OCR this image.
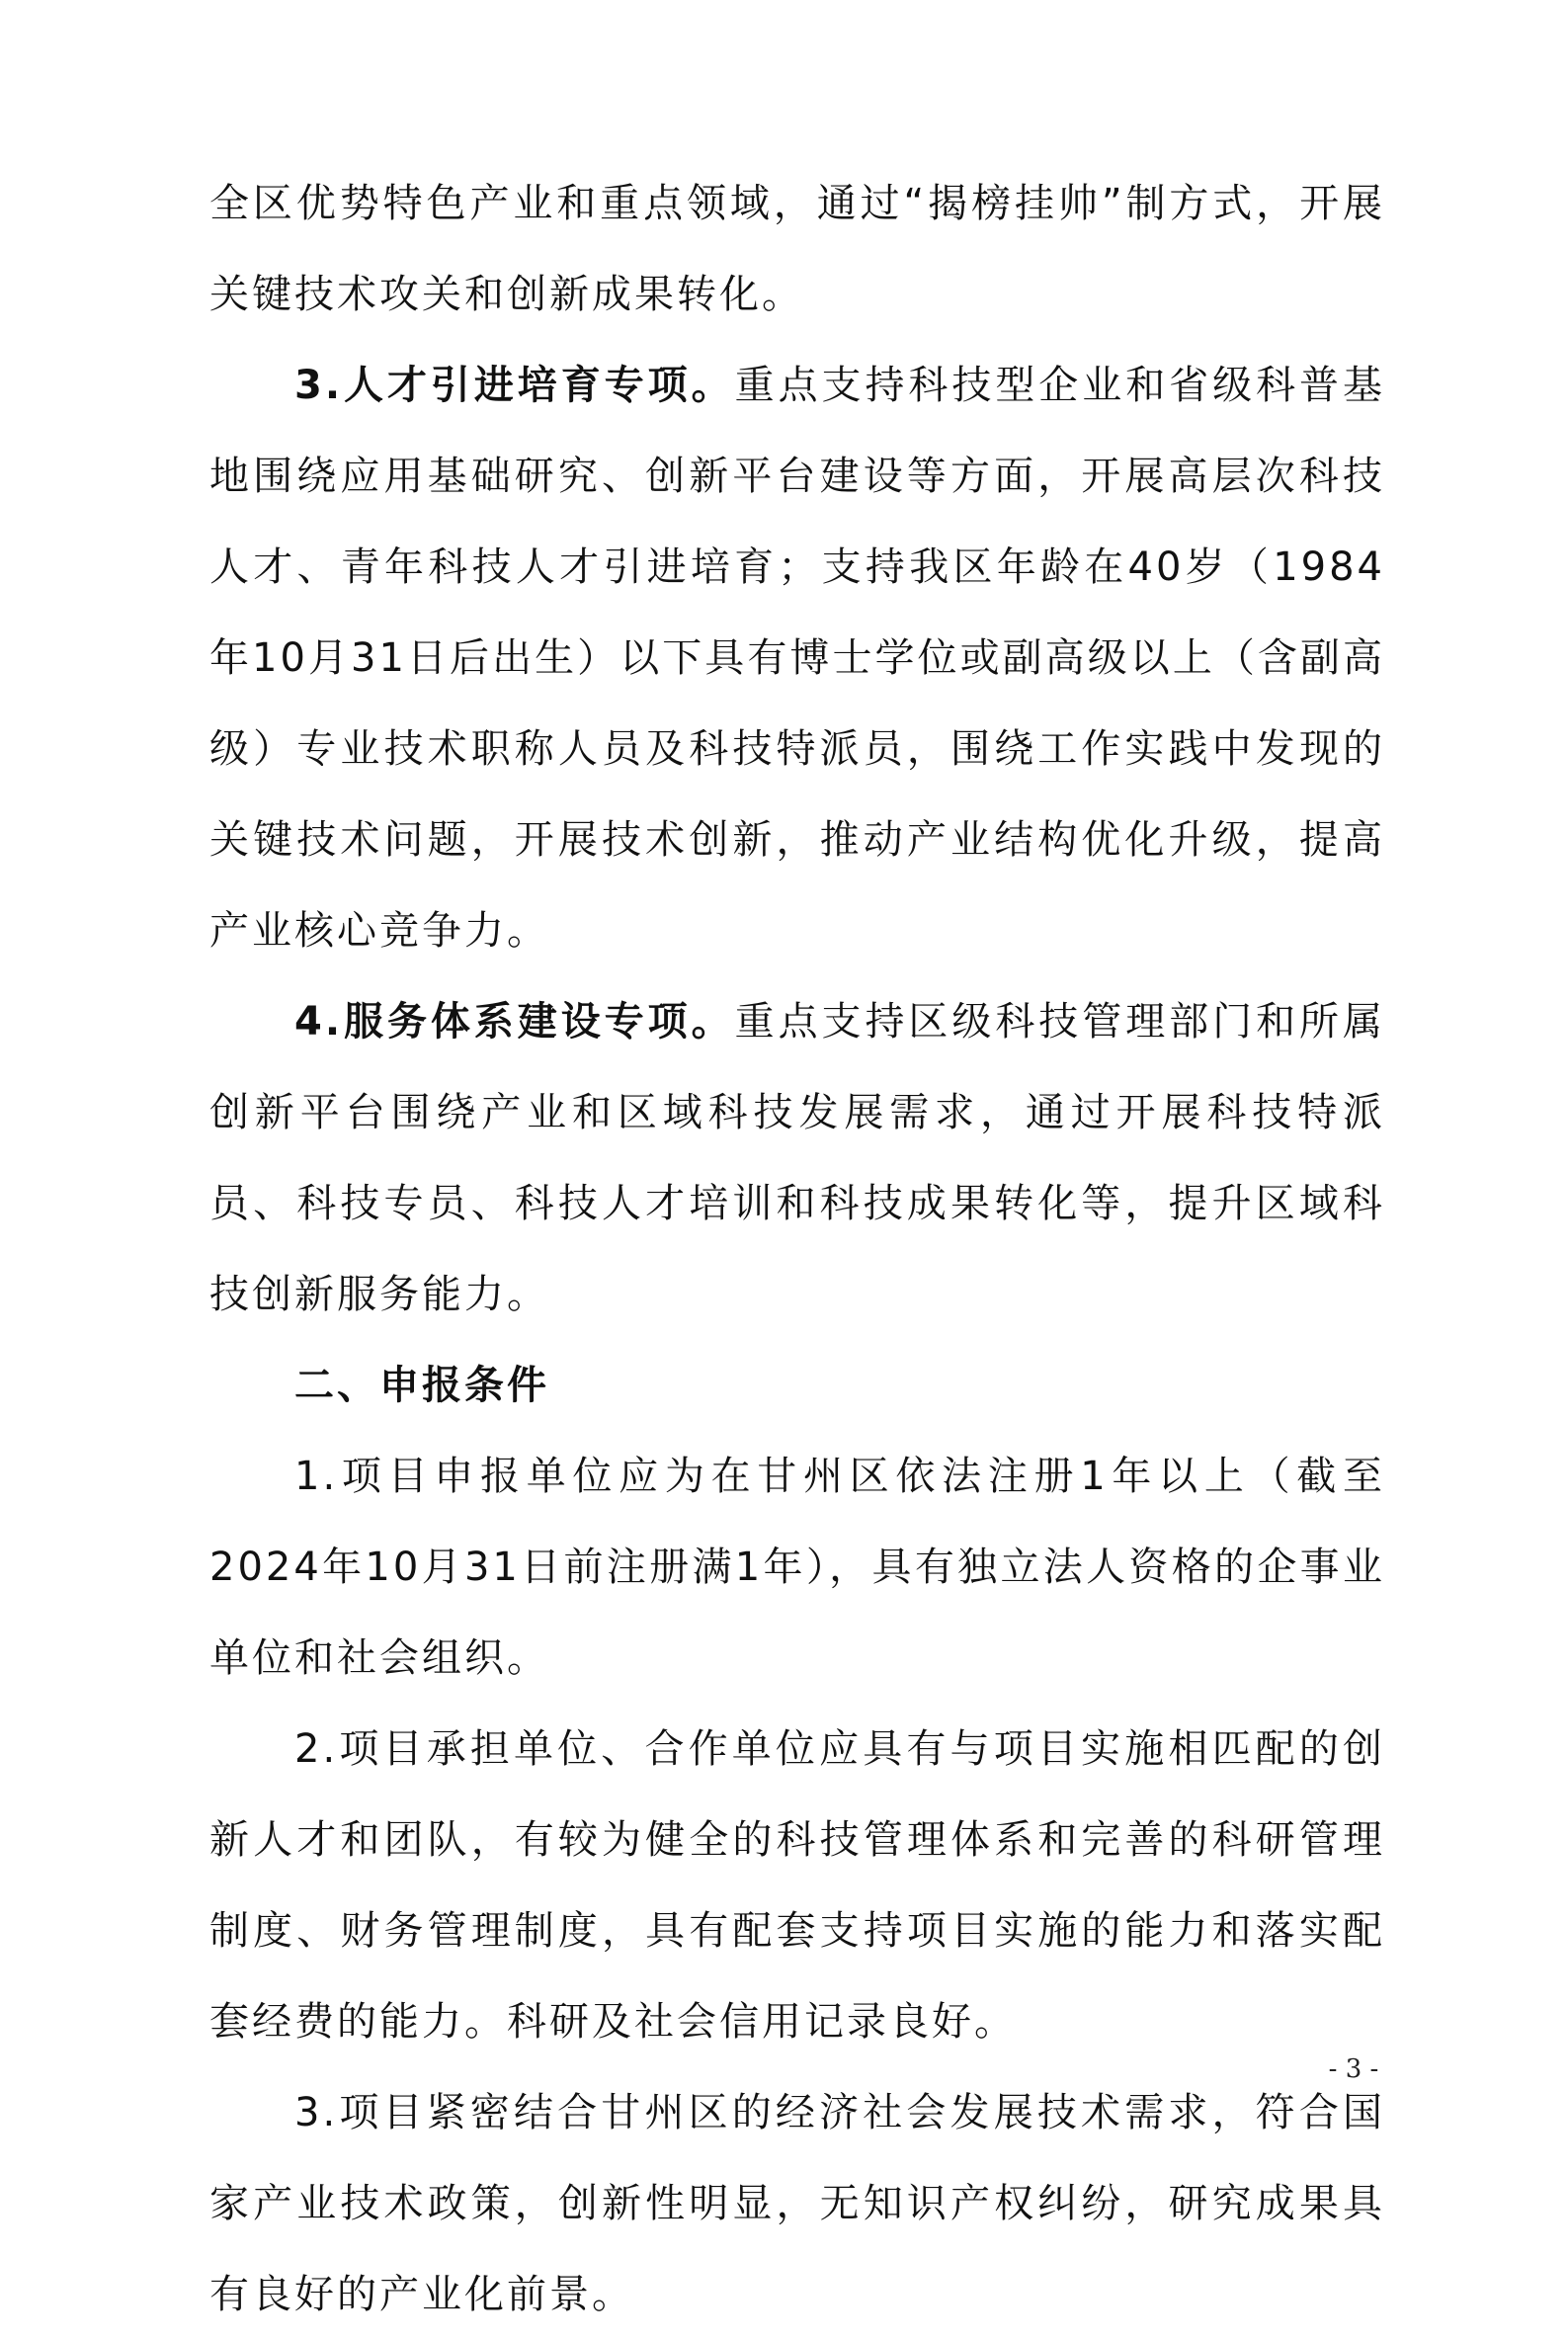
全区优势特色产业和重点领域，通过“揭榜挂帅”制方式，开展关键技术攻关和创新成果转化。

3.人才引进培育专项。重点支持科技型企业和省级科普基地围绕应用基础研究、创新平台建设等方面，开展高层次科技人才、青年科技人才引进培育；支持我区年龄在40岁（1984年10月31日后出生）以下具有博士学位或副高级以上（含副高级）专业技术职称人员及科技特派员，围绕工作实践中发现的关键技术问题，开展技术创新，推动产业结构优化升级，提高产业核心竞争力。

4.服务体系建设专项。重点支持区级科技管理部门和所属创新平台围绕产业和区域科技发展需求，通过开展科技特派员、科技专员、科技人才培训和科技成果转化等，提升区域科技创新服务能力。

二、申报条件

1.项目申报单位应为在甘州区依法注册1年以上（截至2024年10月31日前注册满1年），具有独立法人资格的企事业单位和社会组织。

2.项目承担单位、合作单位应具有与项目实施相匹配的创新人才和团队，有较为健全的科技管理体系和完善的科研管理制度、财务管理制度，具有配套支持项目实施的能力和落实配套经费的能力。科研及社会信用记录良好。

3.项目紧密结合甘州区的经济社会发展技术需求，符合国家产业技术政策，创新性明显，无知识产权纠纷，研究成果具有良好的产业化前景。

- 3 -
